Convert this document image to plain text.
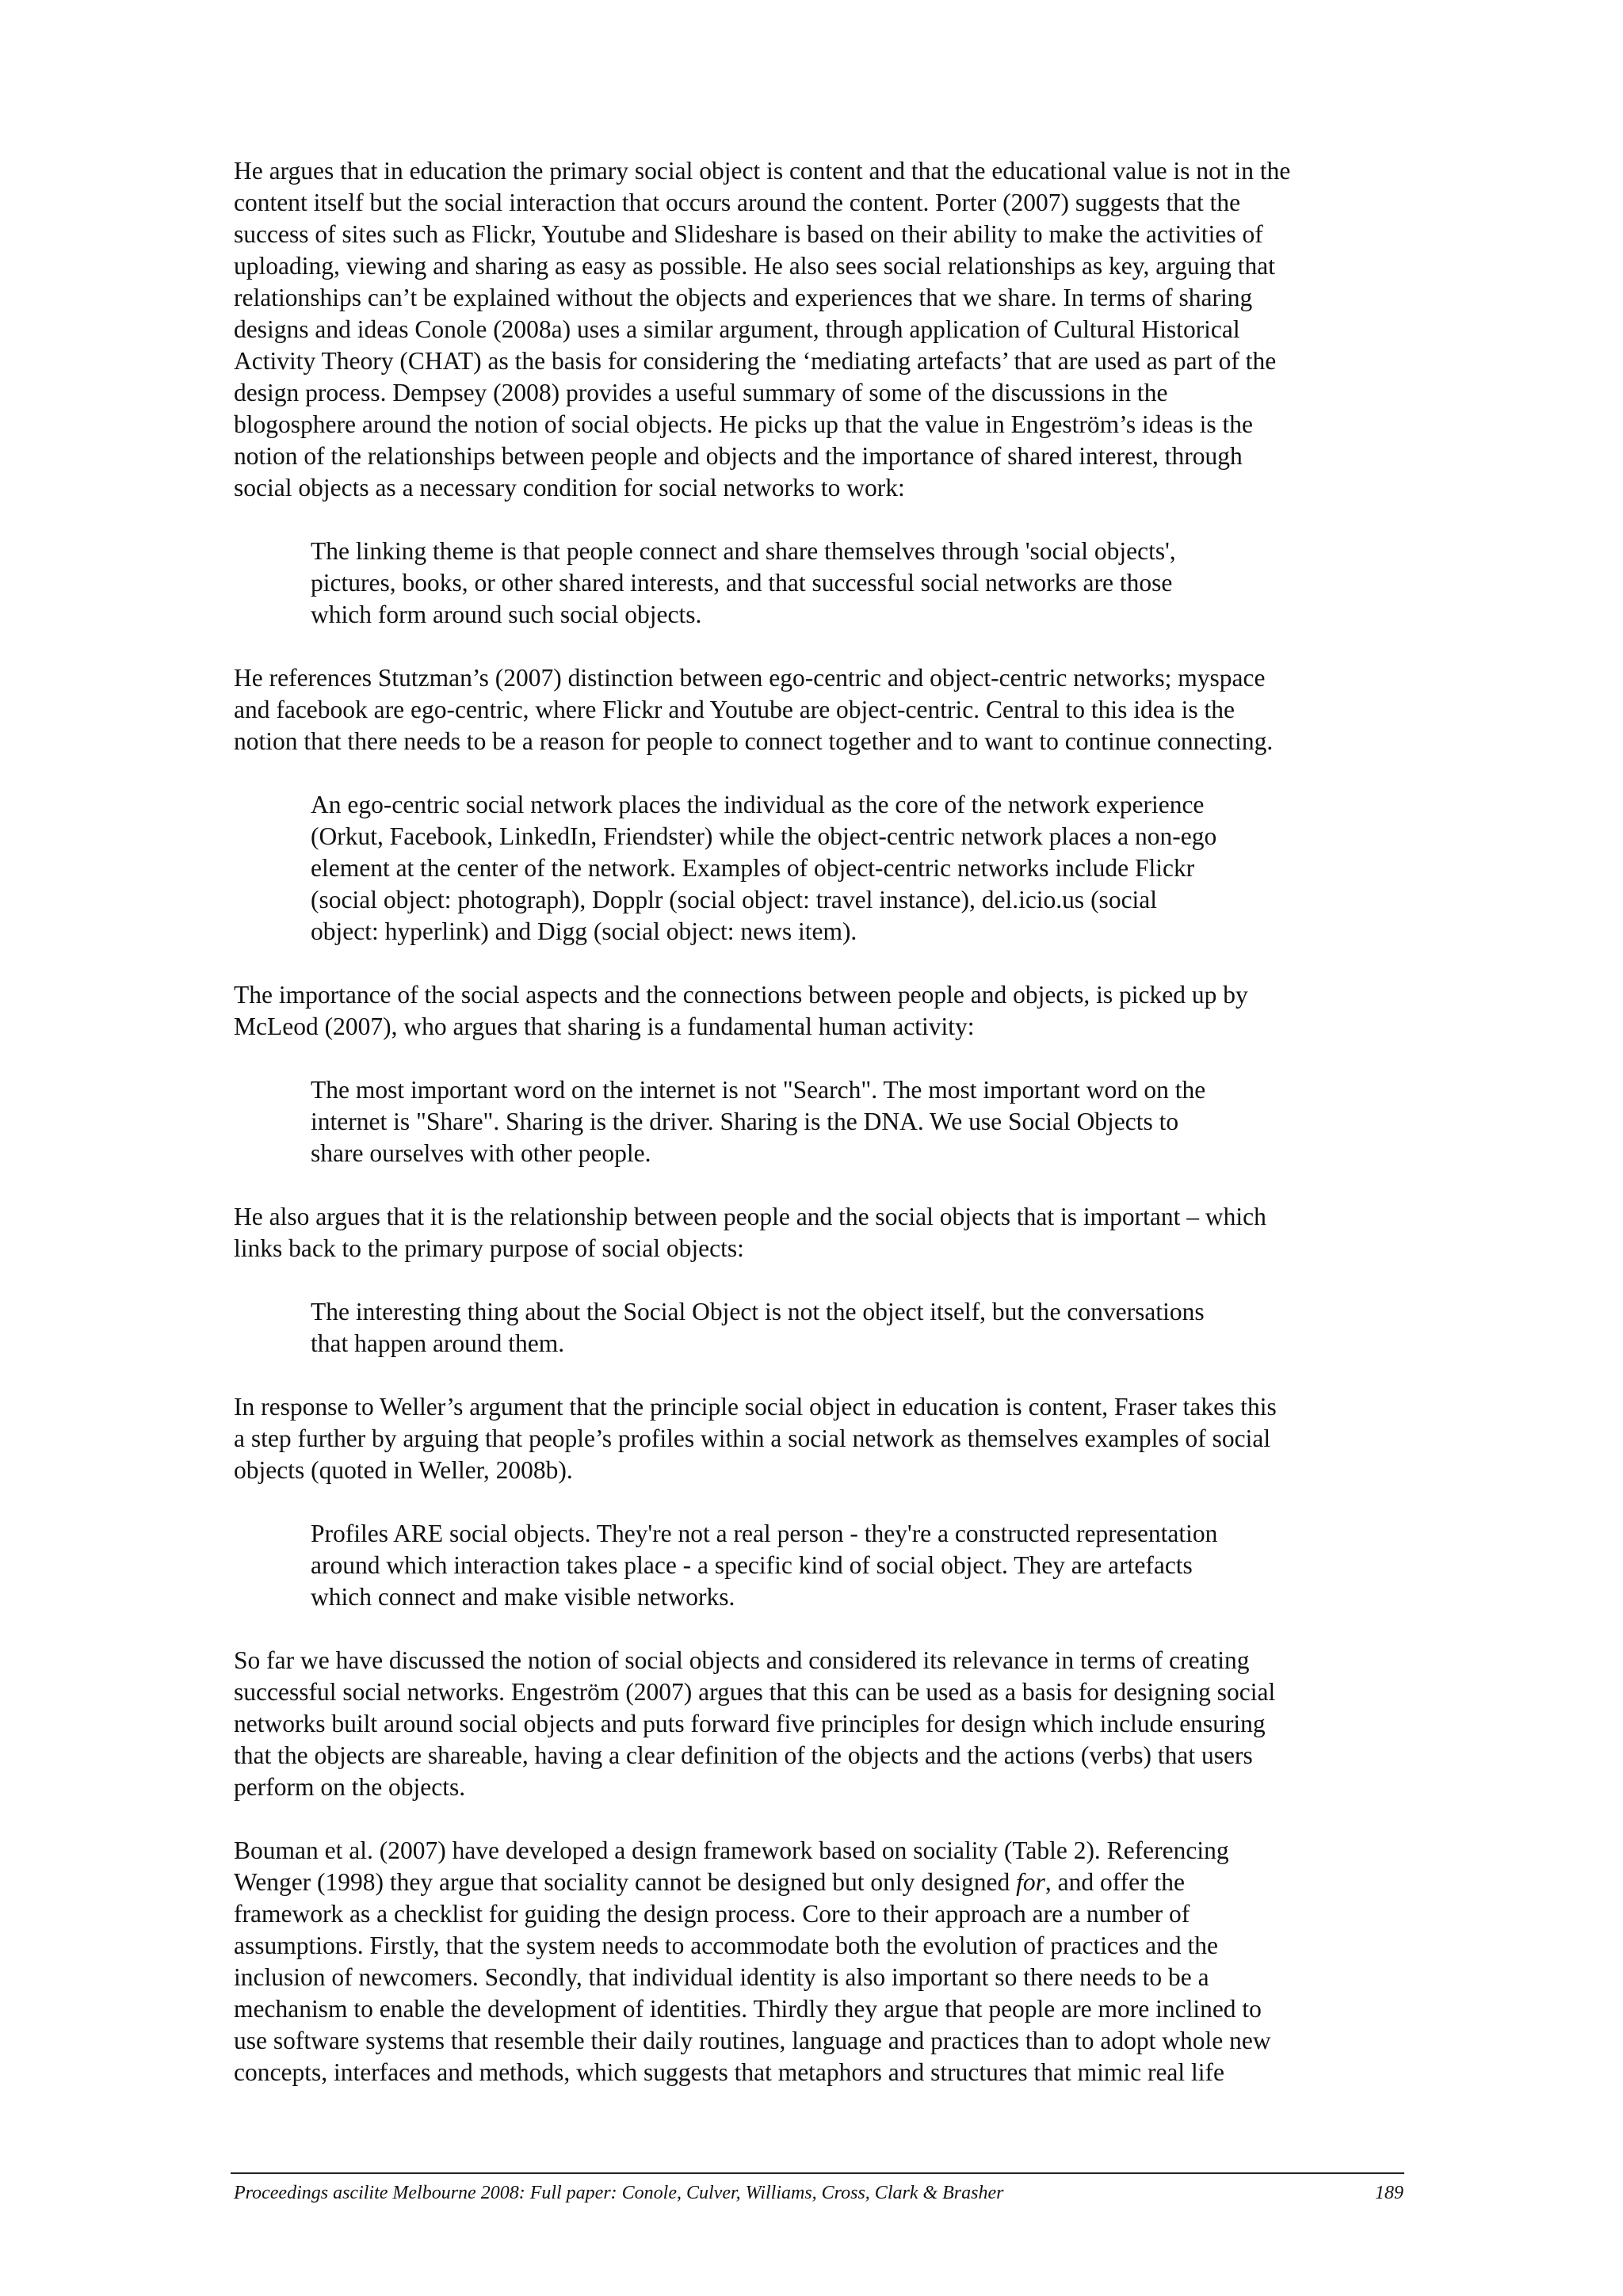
He argues that in education the primary social object is content and that the educational value is not in the
content itself but the social interaction that occurs around the content. Porter (2007) suggests that the
success of sites such as Flickr, Youtube and Slideshare is based on their ability to make the activities of
uploading, viewing and sharing as easy as possible. He also sees social relationships as key, arguing that
relationships can’t be explained without the objects and experiences that we share. In terms of sharing
designs and ideas Conole (2008a) uses a similar argument, through application of Cultural Historical
Activity Theory (CHAT) as the basis for considering the ‘mediating artefacts’ that are used as part of the
design process. Dempsey (2008) provides a useful summary of some of the discussions in the
blogosphere around the notion of social objects. He picks up that the value in Engeström’s ideas is the
notion of the relationships between people and objects and the importance of shared interest, through
social objects as a necessary condition for social networks to work:
The linking theme is that people connect and share themselves through 'social objects',
pictures, books, or other shared interests, and that successful social networks are those
which form around such social objects.
He references Stutzman’s (2007) distinction between ego-centric and object-centric networks; myspace
and facebook are ego-centric, where Flickr and Youtube are object-centric. Central to this idea is the
notion that there needs to be a reason for people to connect together and to want to continue connecting.
An ego-centric social network places the individual as the core of the network experience
(Orkut, Facebook, LinkedIn, Friendster) while the object-centric network places a non-ego
element at the center of the network. Examples of object-centric networks include Flickr
(social object: photograph), Dopplr (social object: travel instance), del.icio.us (social
object: hyperlink) and Digg (social object: news item).
The importance of the social aspects and the connections between people and objects, is picked up by
McLeod (2007), who argues that sharing is a fundamental human activity:
The most important word on the internet is not "Search". The most important word on the
internet is "Share". Sharing is the driver. Sharing is the DNA. We use Social Objects to
share ourselves with other people.
He also argues that it is the relationship between people and the social objects that is important – which
links back to the primary purpose of social objects:
The interesting thing about the Social Object is not the object itself, but the conversations
that happen around them.
In response to Weller’s argument that the principle social object in education is content, Fraser takes this
a step further by arguing that people’s profiles within a social network as themselves examples of social
objects (quoted in Weller, 2008b).
Profiles ARE social objects. They're not a real person - they're a constructed representation
around which interaction takes place - a specific kind of social object. They are artefacts
which connect and make visible networks.
So far we have discussed the notion of social objects and considered its relevance in terms of creating
successful social networks. Engeström (2007) argues that this can be used as a basis for designing social
networks built around social objects and puts forward five principles for design which include ensuring
that the objects are shareable, having a clear definition of the objects and the actions (verbs) that users
perform on the objects.
Bouman et al. (2007) have developed a design framework based on sociality (Table 2). Referencing
Wenger (1998) they argue that sociality cannot be designed but only designed for, and offer the
framework as a checklist for guiding the design process. Core to their approach are a number of
assumptions. Firstly, that the system needs to accommodate both the evolution of practices and the
inclusion of newcomers. Secondly, that individual identity is also important so there needs to be a
mechanism to enable the development of identities. Thirdly they argue that people are more inclined to
use software systems that resemble their daily routines, language and practices than to adopt whole new
concepts, interfaces and methods, which suggests that metaphors and structures that mimic real life
Proceedings ascilite Melbourne 2008: Full paper: Conole, Culver, Williams, Cross, Clark & Brasher	189
